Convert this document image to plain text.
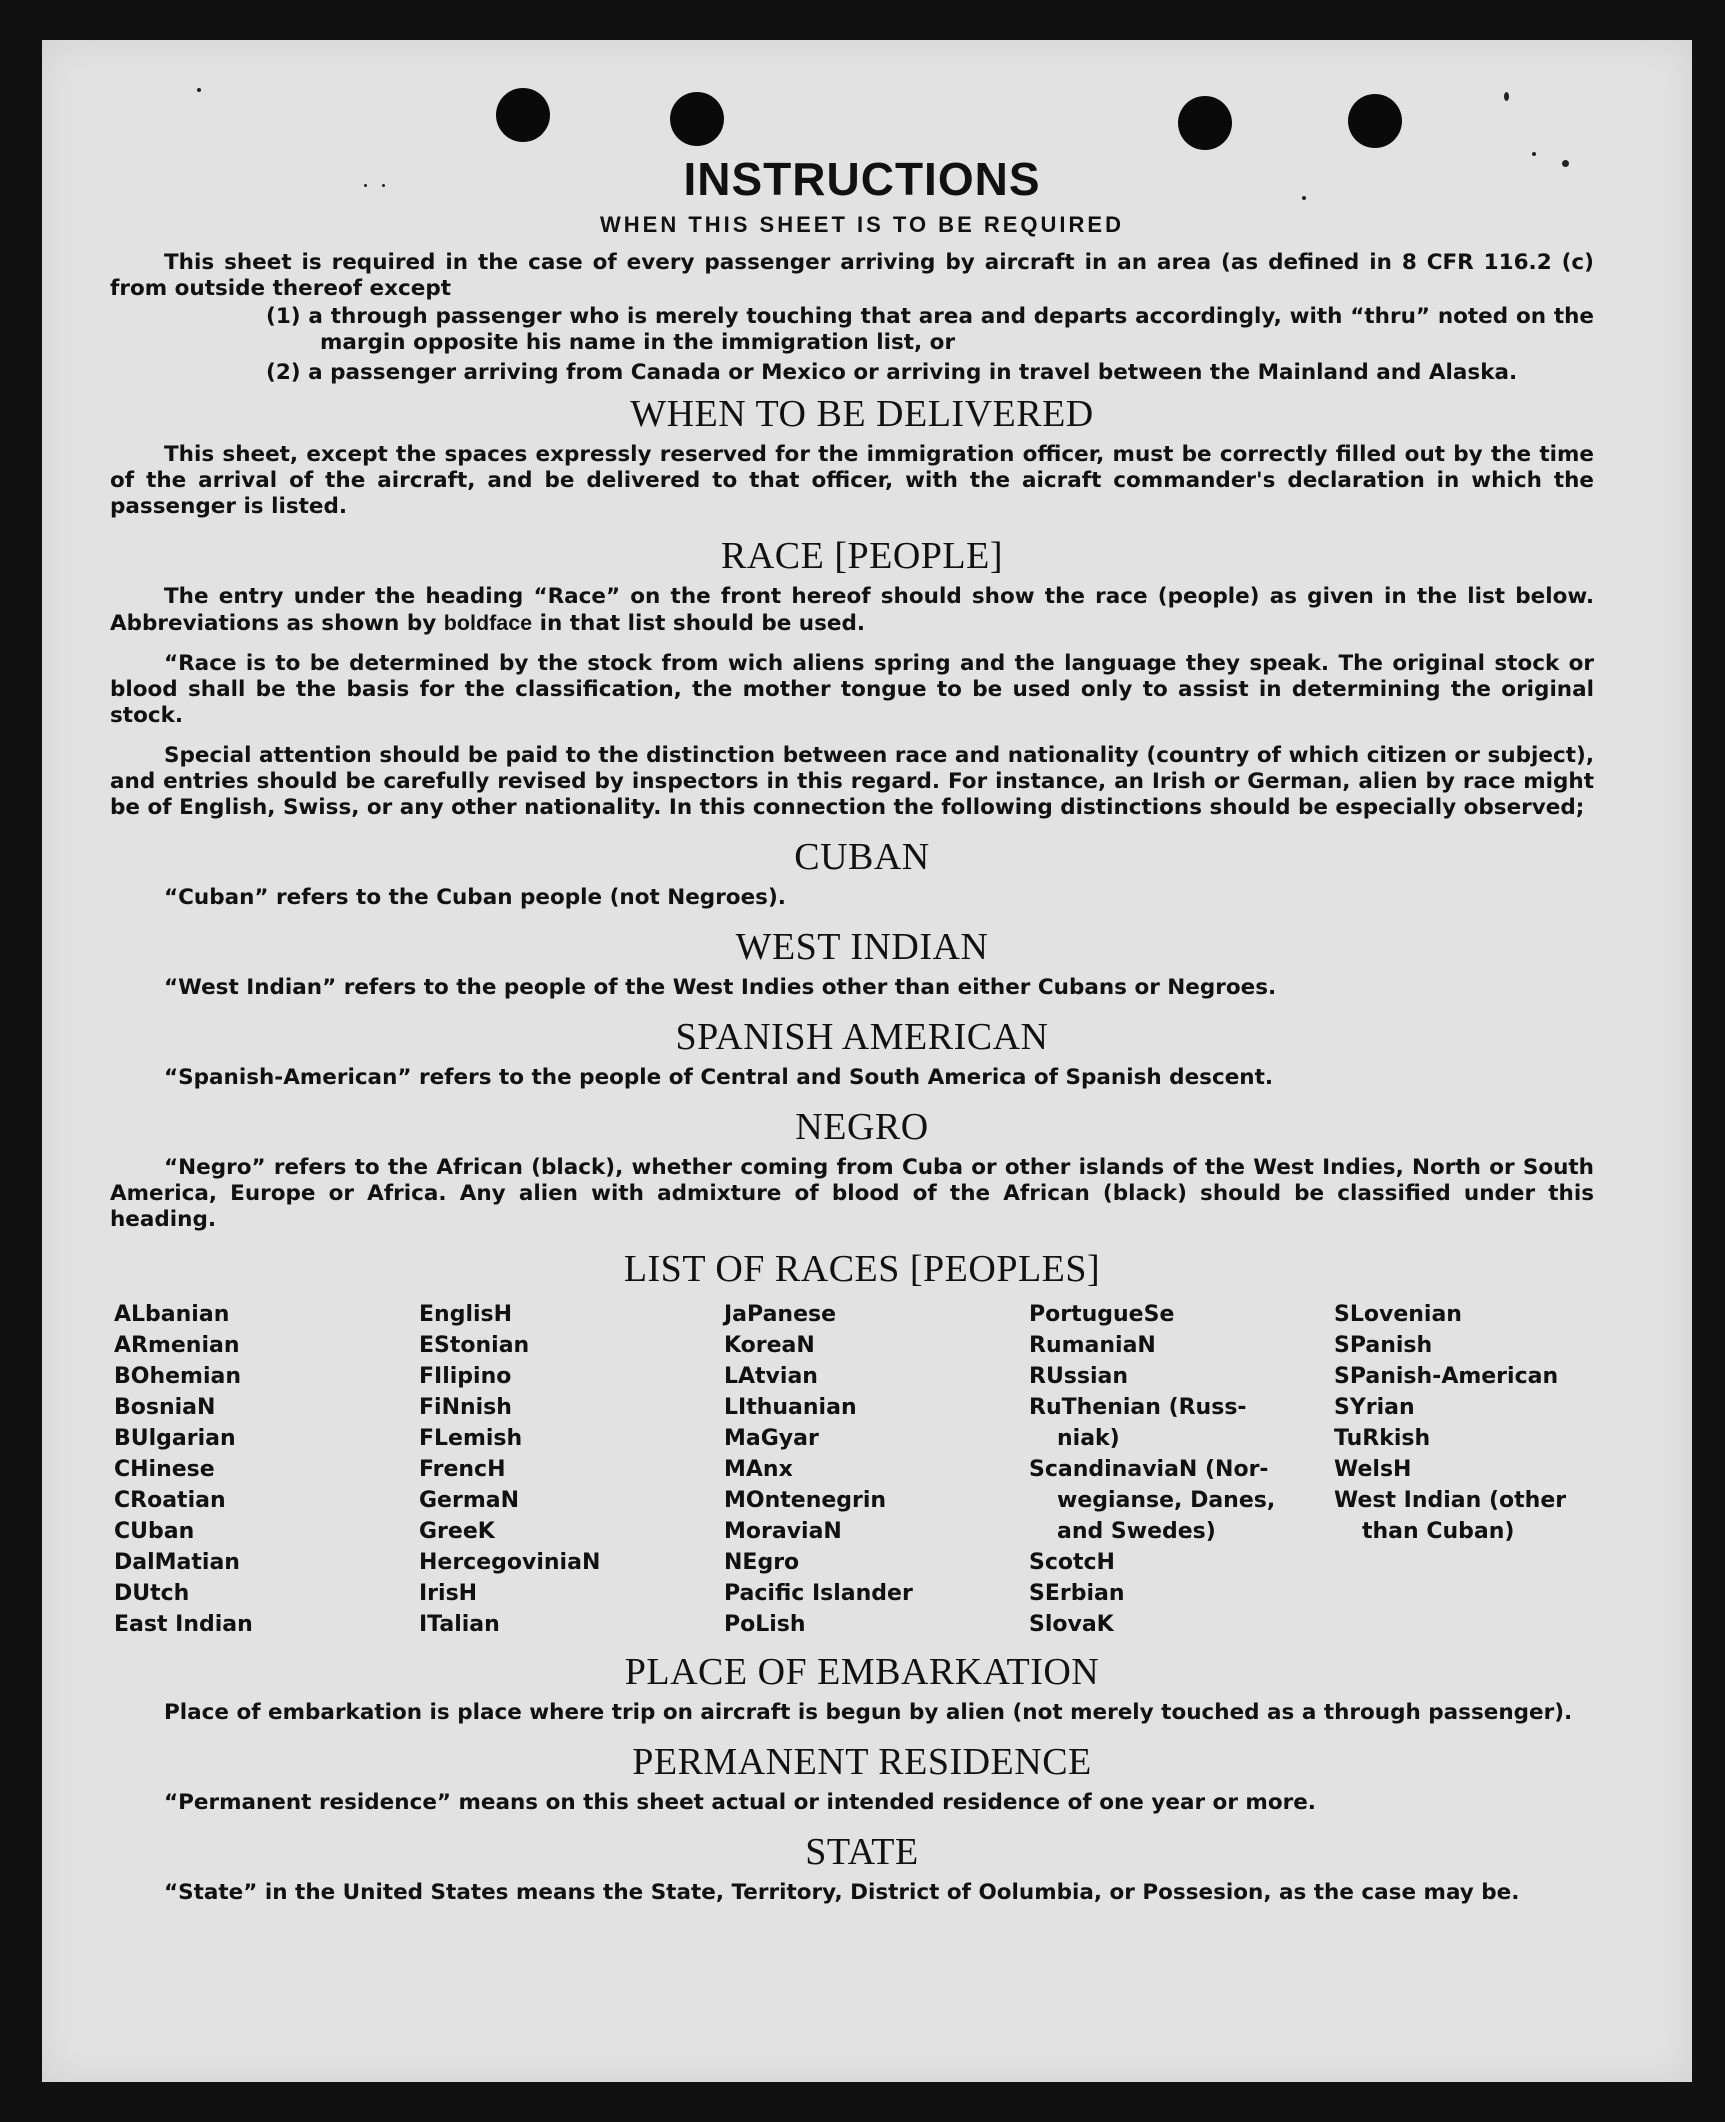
INSTRUCTIONS
WHEN THIS SHEET IS TO BE REQUIRED

This sheet is required in the case of every passenger arriving by aircraft in an area (as defined in 8 CFR 116.2 (c) from outside thereof except

(1) a through passenger who is merely touching that area and departs accordingly, with “thru” noted on the margin opposite his name in the immigration list, or

(2) a passenger arriving from Canada or Mexico or arriving in travel between the Mainland and Alaska.

WHEN TO BE DELIVERED

This sheet, except the spaces expressly reserved for the immigration officer, must be correctly filled out by the time of the arrival of the aircraft, and be delivered to that officer, with the aicraft commander's declaration in which the passenger is listed.

RACE [PEOPLE]

The entry under the heading “Race” on the front hereof should show the race (people) as given in the list below. Abbreviations as shown by boldface in that list should be used.

“Race is to be determined by the stock from wich aliens spring and the language they speak. The original stock or blood shall be the basis for the classification, the mother tongue to be used only to assist in determining the original stock.

Special attention should be paid to the distinction between race and nationality (country of which citizen or subject), and entries should be carefully revised by inspectors in this regard. For instance, an Irish or German, alien by race might be of English, Swiss, or any other nationality. In this connection the following distinctions should be especially observed;

CUBAN

“Cuban” refers to the Cuban people (not Negroes).

WEST INDIAN

“West Indian” refers to the people of the West Indies other than either Cubans or Negroes.

SPANISH AMERICAN

“Spanish-American” refers to the people of Central and South America of Spanish descent.

NEGRO

“Negro” refers to the African (black), whether coming from Cuba or other islands of the West Indies, North or South America, Europe or Africa. Any alien with admixture of blood of the African (black) should be classified under this heading.

LIST OF RACES [PEOPLES]
ALbanian
ARmenian
BOhemian
BosniaN
BUlgarian
CHinese
CRoatian
CUban
DalMatian
DUtch
East Indian
EnglisH
EStonian
FIlipino
FiNnish
FLemish
FrencH
GermaN
GreeK
HercegoviniaN
IrisH
ITalian
JaPanese
KoreaN
LAtvian
LIthuanian
MaGyar
MAnx
MOntenegrin
MoraviaN
NEgro
Pacific Islander
PoLish
PortugueSe
RumaniaN
RUssian
RuThenian (Russ-
niak)
ScandinaviaN (Nor-
wegianse, Danes,
and Swedes)
ScotcH
SErbian
SlovaK
SLovenian
SPanish
SPanish-American
SYrian
TuRkish
WelsH
West Indian (other
than Cuban)
PLACE OF EMBARKATION

Place of embarkation is place where trip on aircraft is begun by alien (not merely touched as a through passenger).

PERMANENT RESIDENCE

“Permanent residence” means on this sheet actual or intended residence of one year or more.

STATE

“State” in the United States means the State, Territory, District of Oolumbia, or Possesion, as the case may be.
